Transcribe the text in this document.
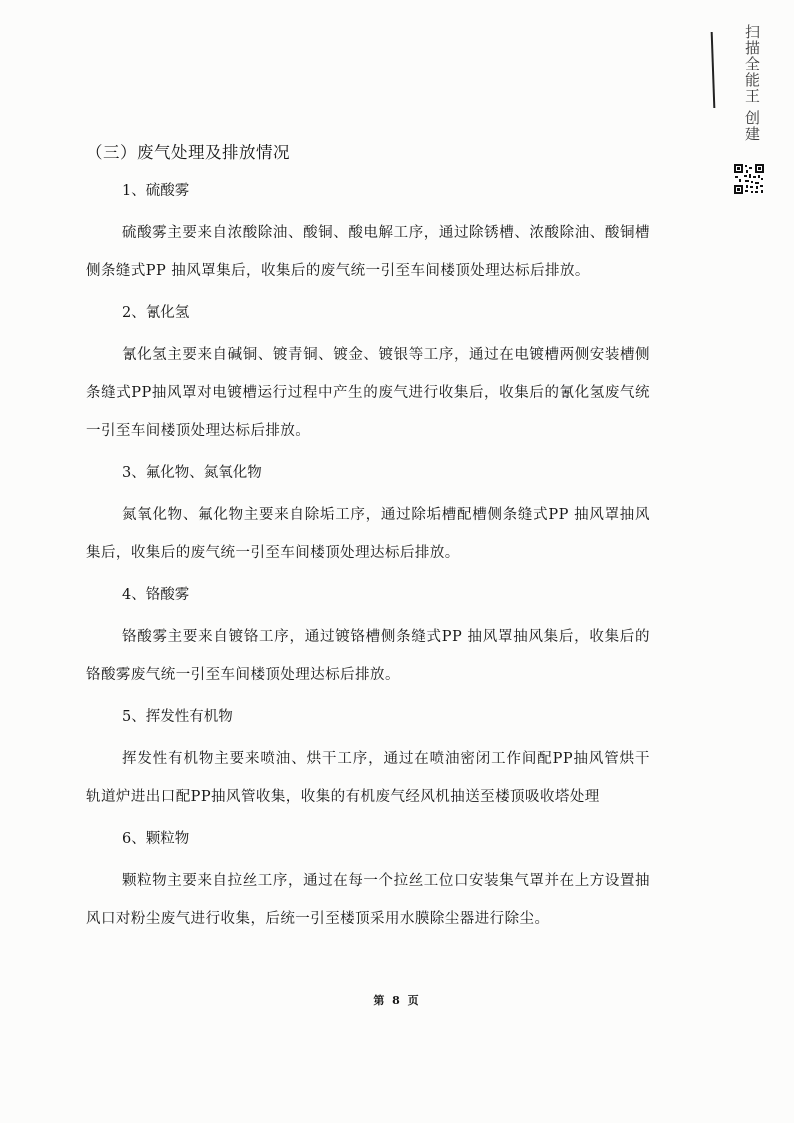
扫描全能王 创建
（三）废气处理及排放情况
1、硫酸雾
硫酸雾主要来自浓酸除油、酸铜、酸电解工序，通过除锈槽、浓酸除油、酸铜槽侧条缝式PP 抽风罩集后，收集后的废气统一引至车间楼顶处理达标后排放。
2、氰化氢
氰化氢主要来自碱铜、镀青铜、镀金、镀银等工序，通过在电镀槽两侧安装槽侧条缝式PP抽风罩对电镀槽运行过程中产生的废气进行收集后，收集后的氰化氢废气统一引至车间楼顶处理达标后排放。
3、氟化物、氮氧化物
氮氧化物、氟化物主要来自除垢工序，通过除垢槽配槽侧条缝式PP 抽风罩抽风集后，收集后的废气统一引至车间楼顶处理达标后排放。
4、铬酸雾
铬酸雾主要来自镀铬工序，通过镀铬槽侧条缝式PP 抽风罩抽风集后，收集后的铬酸雾废气统一引至车间楼顶处理达标后排放。
5、挥发性有机物
挥发性有机物主要来喷油、烘干工序，通过在喷油密闭工作间配PP抽风管烘干轨道炉进出口配PP抽风管收集，收集的有机废气经风机抽送至楼顶吸收塔处理
6、颗粒物
颗粒物主要来自拉丝工序，通过在每一个拉丝工位口安装集气罩并在上方设置抽风口对粉尘废气进行收集，后统一引至楼顶采用水膜除尘器进行除尘。
第 8 页
